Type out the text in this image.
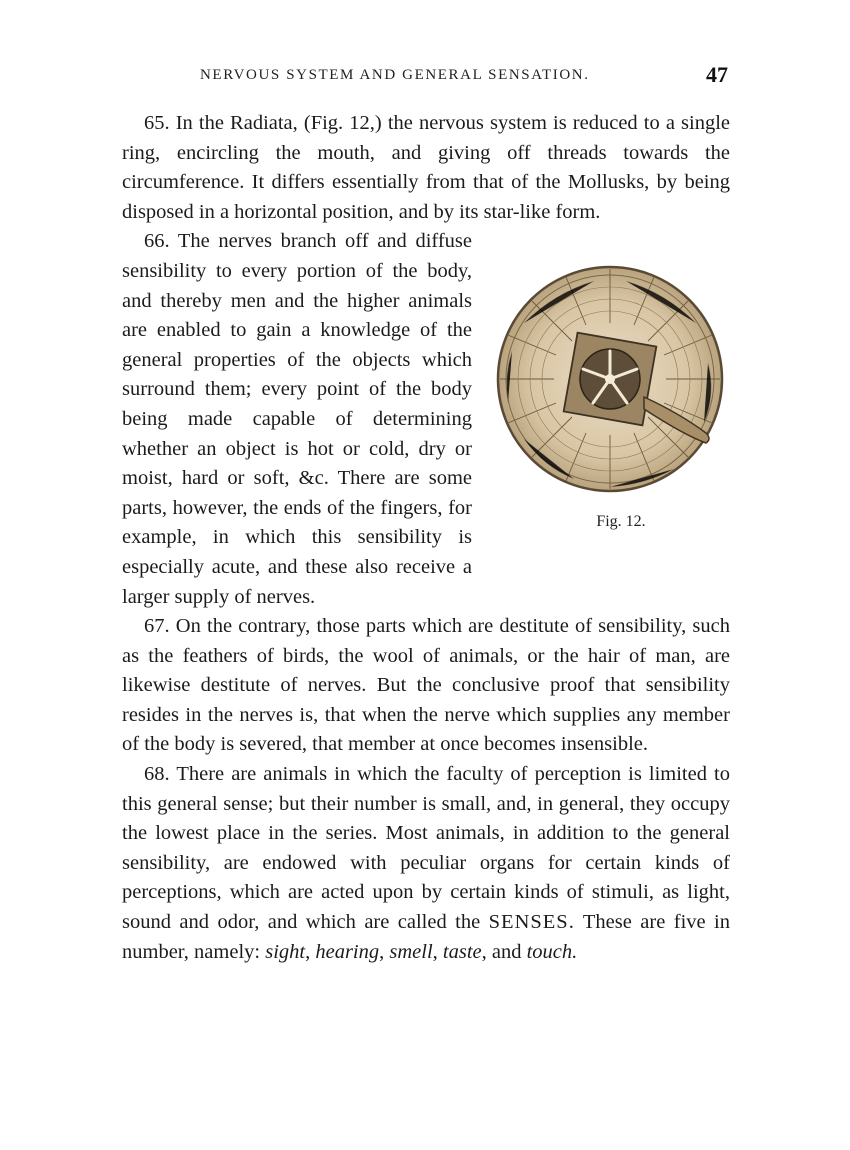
NERVOUS SYSTEM AND GENERAL SENSATION.	47

65. In the Radiata, (Fig. 12,) the nervous system is reduced to a single ring, encircling the mouth, and giving off threads towards the circumference. It differs essentially from that of the Mollusks, by being disposed in a horizontal position, and by its star-like form.

Fig. 12.

66. The nerves branch off and diffuse sensibility to every portion of the body, and thereby men and the higher animals are enabled to gain a knowledge of the general properties of the objects which surround them; every point of the body being made capable of determining whether an object is hot or cold, dry or moist, hard or soft, &c. There are some parts, however, the ends of the fingers, for example, in which this sensibility is especially acute, and these also receive a larger supply of nerves.

67. On the contrary, those parts which are destitute of sensibility, such as the feathers of birds, the wool of animals, or the hair of man, are likewise destitute of nerves. But the conclusive proof that sensibility resides in the nerves is, that when the nerve which supplies any member of the body is severed, that member at once becomes insensible.

68. There are animals in which the faculty of perception is limited to this general sense; but their number is small, and, in general, they occupy the lowest place in the series. Most animals, in addition to the general sensibility, are endowed with peculiar organs for certain kinds of perceptions, which are acted upon by certain kinds of stimuli, as light, sound and odor, and which are called the SENSES. These are five in number, namely: sight, hearing, smell, taste, and touch.
